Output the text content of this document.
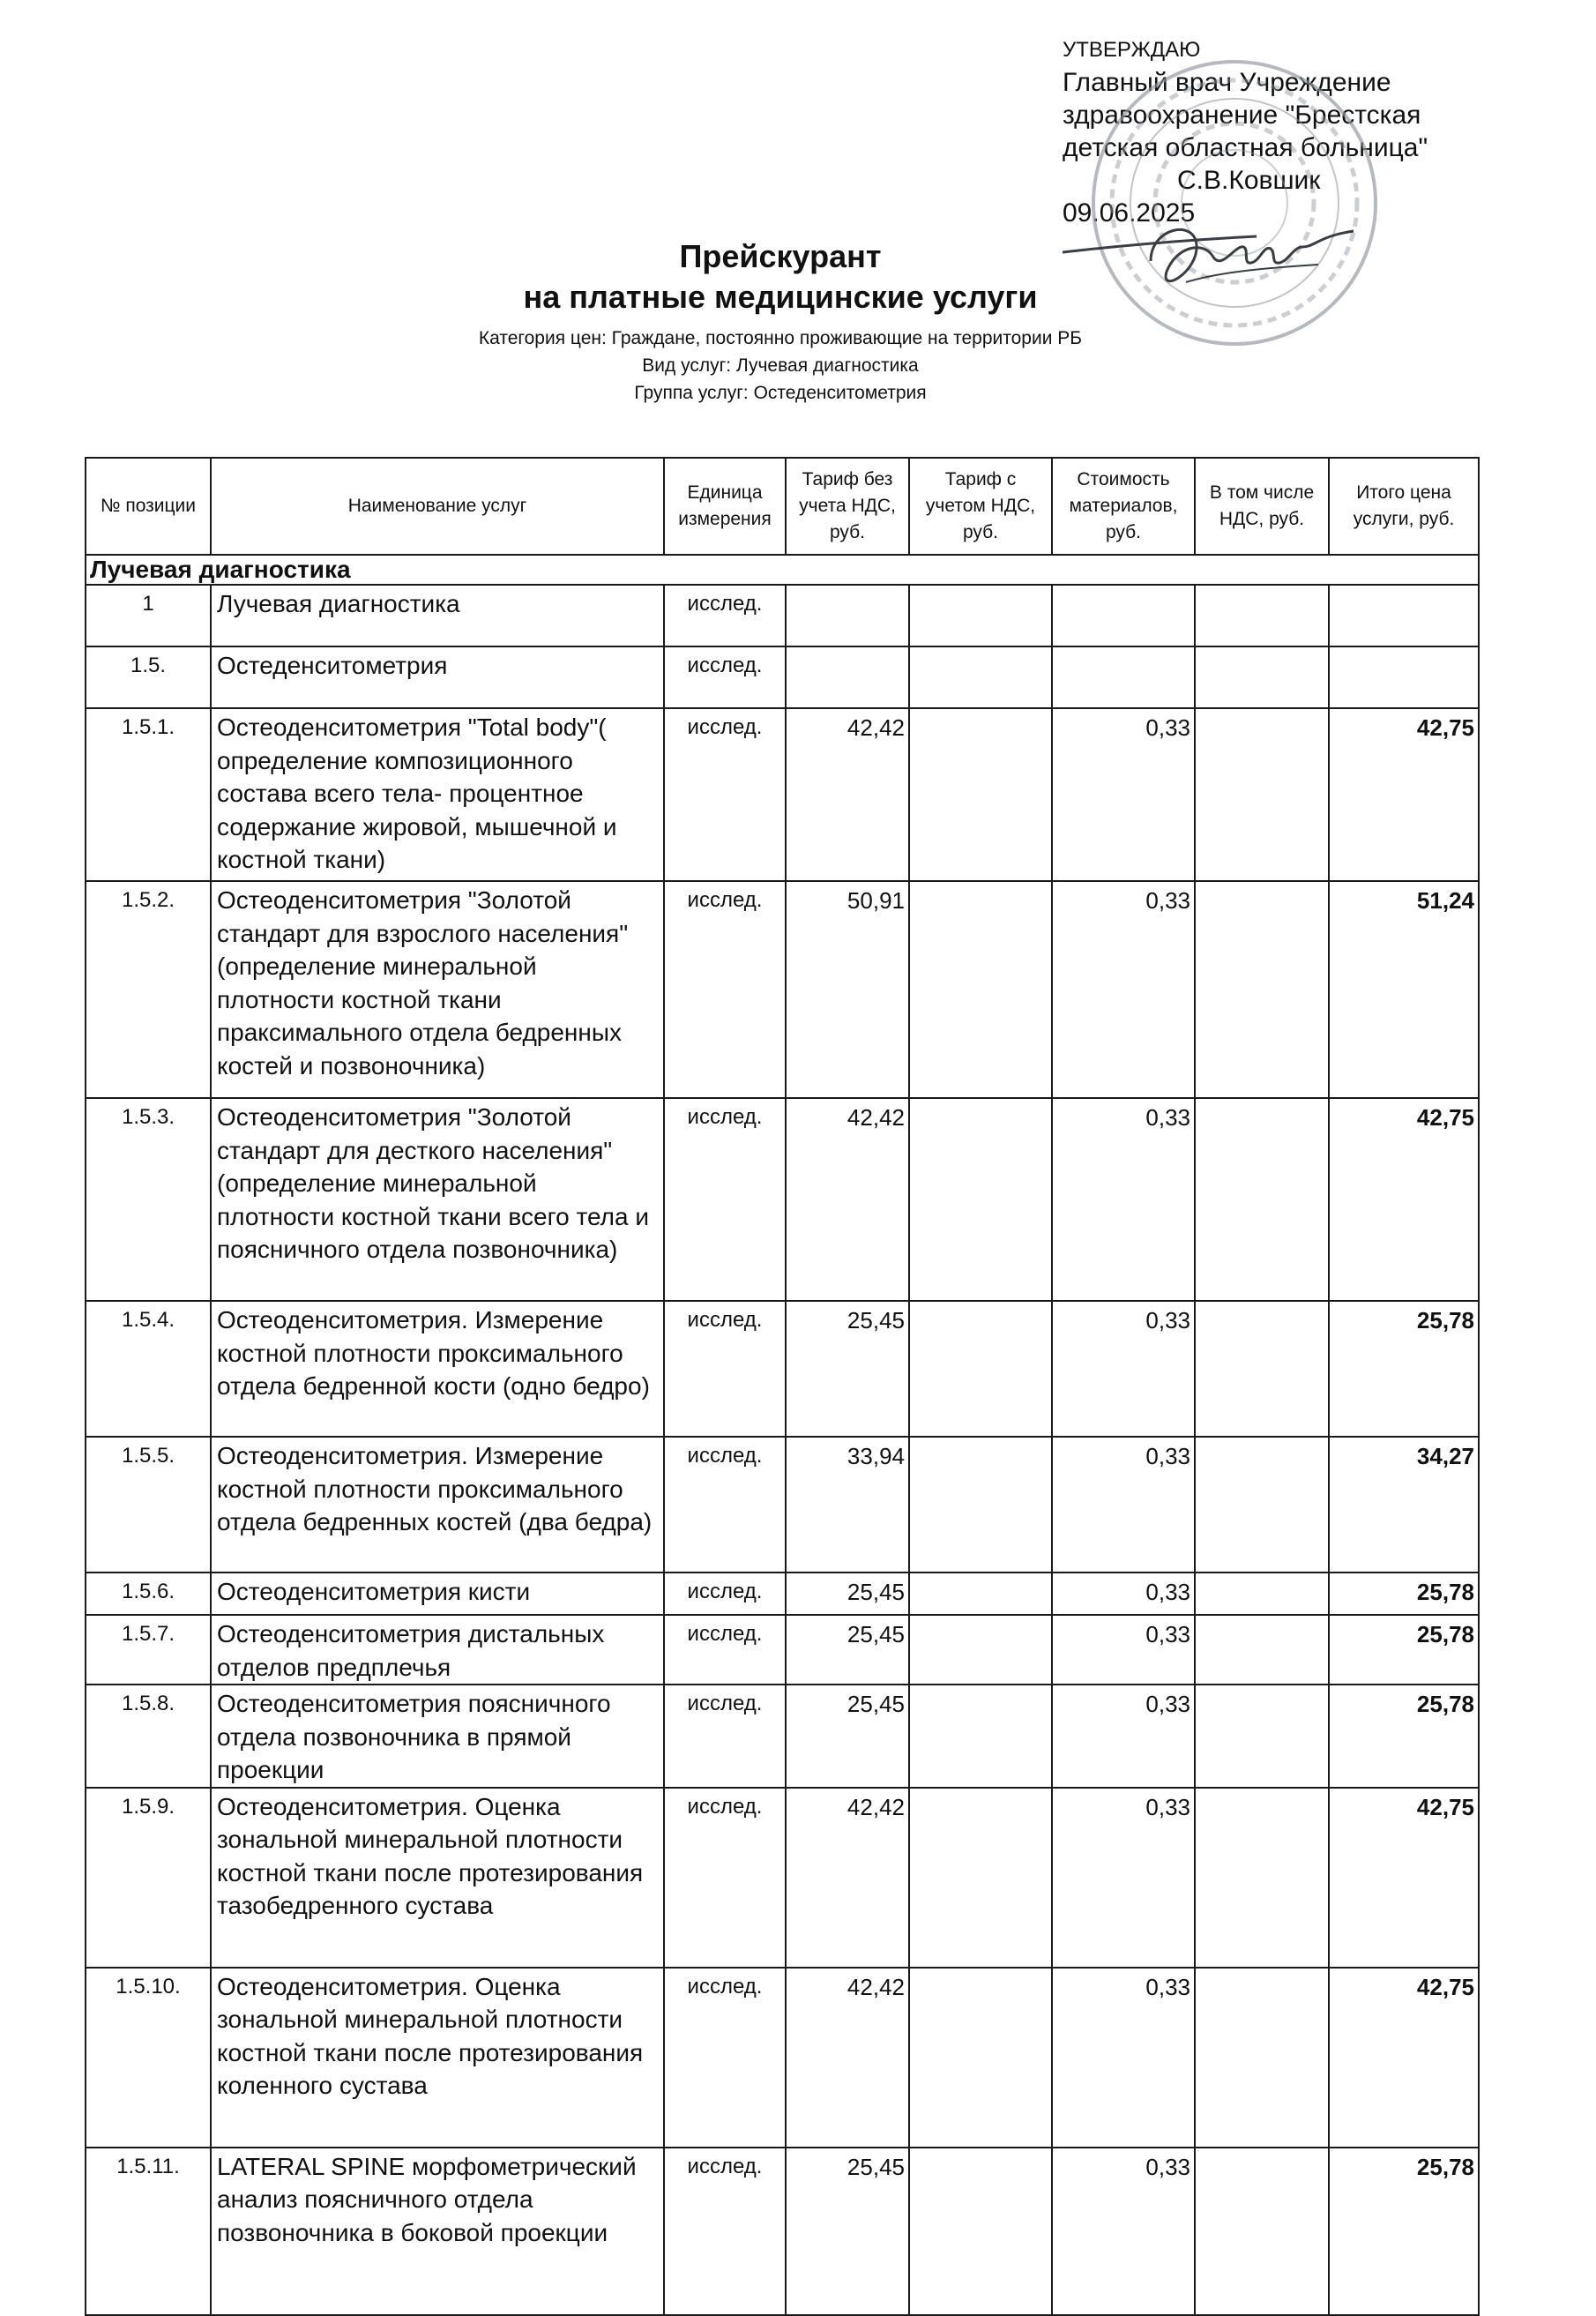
УТВЕРЖДАЮ
Главный врач Учреждение
здравоохранение "Брестская
детская областная больница"
С.В.Ковшик
09.06.2025
Прейскурант
на платные медицинские услуги
Категория цен: Граждане, постоянно проживающие на территории РБ
Вид услуг: Лучевая диагностика
Группа услуг: Остеденситометрия
№ позиции	Наименование услуг	Единица измерения	Тариф без учета НДС, руб.	Тариф с учетом НДС, руб.	Стоимость материалов, руб.	В том числе НДС, руб.	Итого цена услуги, руб.
Лучевая диагностика							
1	Лучевая диагностика	исслед.					
1.5.	Остеденситометрия	исслед.					
1.5.1.	Остеоденситометрия "Total body"( определение композиционного состава всего тела- процентное содержание жировой, мышечной и костной ткани)	исслед.	42,42		0,33		42,75
1.5.2.	Остеоденситометрия "Золотой стандарт для взрослого населения" (определение минеральной плотности костной ткани праксимального отдела бедренных костей и позвоночника)	исслед.	50,91		0,33		51,24
1.5.3.	Остеоденситометрия "Золотой стандарт для десткого населения" (определение минеральной плотности костной ткани всего тела и поясничного отдела позвоночника)	исслед.	42,42		0,33		42,75
1.5.4.	Остеоденситометрия. Измерение костной плотности проксимального отдела бедренной кости (одно бедро)	исслед.	25,45		0,33		25,78
1.5.5.	Остеоденситометрия. Измерение костной плотности проксимального отдела бедренных костей (два бедра)	исслед.	33,94		0,33		34,27
1.5.6.	Остеоденситометрия кисти	исслед.	25,45		0,33		25,78
1.5.7.	Остеоденситометрия дистальных отделов предплечья	исслед.	25,45		0,33		25,78
1.5.8.	Остеоденситометрия поясничного отдела позвоночника в прямой проекции	исслед.	25,45		0,33		25,78
1.5.9.	Остеоденситометрия. Оценка зональной минеральной плотности костной ткани после протезирования тазобедренного сустава	исслед.	42,42		0,33		42,75
1.5.10.	Остеоденситометрия. Оценка зональной минеральной плотности костной ткани после протезирования коленного сустава	исслед.	42,42		0,33		42,75
1.5.11.	LATERAL SPINE морфометрический анализ поясничного отдела позвоночника в боковой проекции	исслед.	25,45		0,33		25,78
